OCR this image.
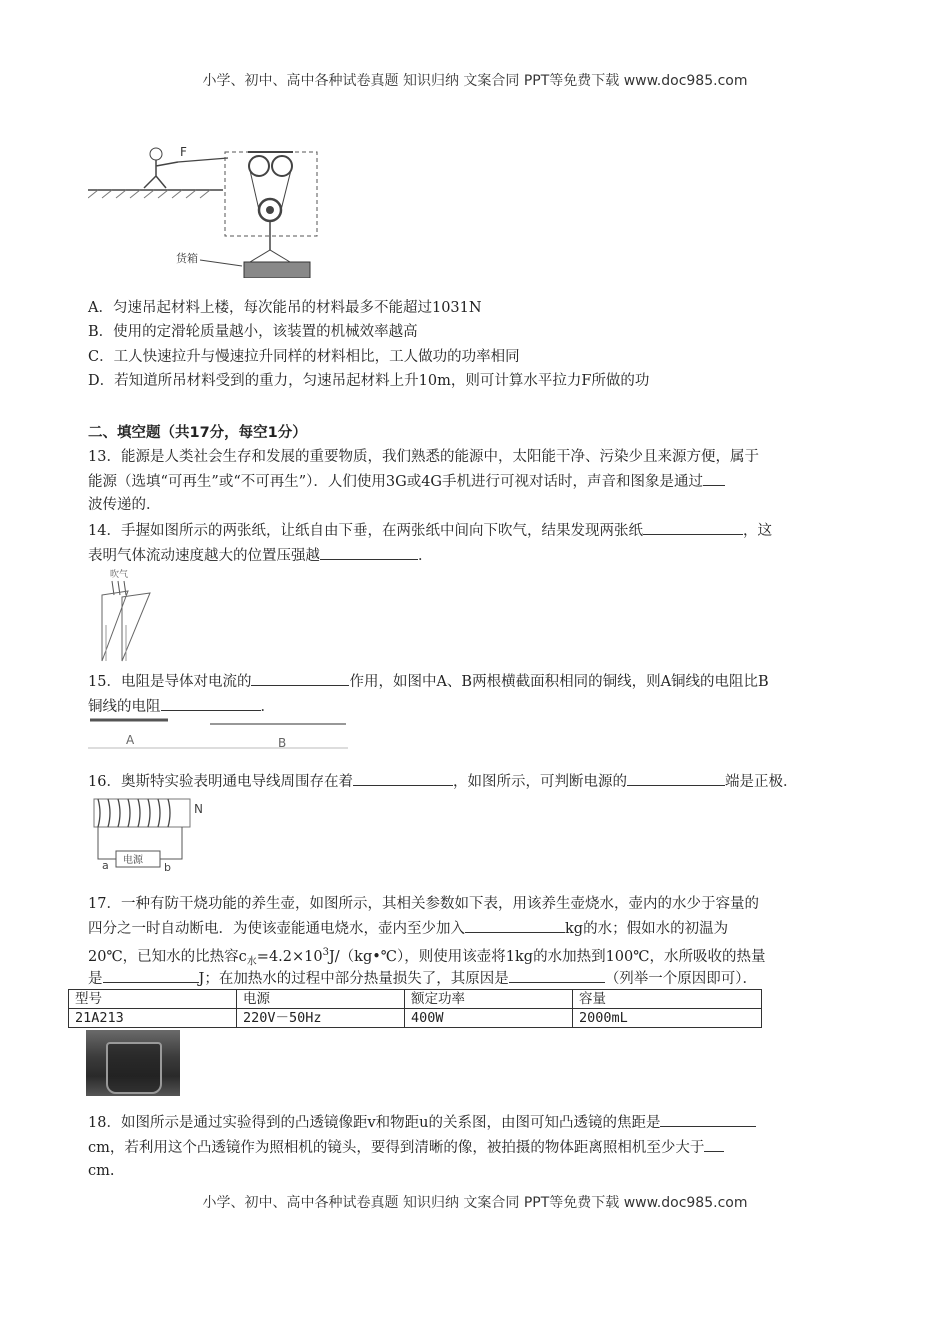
小学、初中、高中各种试卷真题 知识归纳 文案合同 PPT等免费下载 www.doc985.com
F
货箱
A．匀速吊起材料上楼，每次能吊的材料最多不能超过1031N
B．使用的定滑轮质量越小，该装置的机械效率越高
C．工人快速拉升与慢速拉升同样的材料相比，工人做功的功率相同
D．若知道所吊材料受到的重力，匀速吊起材料上升10m，则可计算水平拉力F所做的功
二、填空题（共17分，每空1分）
13．能源是人类社会生存和发展的重要物质，我们熟悉的能源中，太阳能干净、污染少且来源方便，属于
能源（选填“可再生”或“不可再生”）．人们使用3G或4G手机进行可视对话时，声音和图象是通过
波传递的．
14．手握如图所示的两张纸，让纸自由下垂，在两张纸中间向下吹气，结果发现两张纸	，这
表明气体流动速度越大的位置压强越	．
吹气
15．电阻是导体对电流的	作用，如图中A、B两根横截面积相同的铜线，则A铜线的电阻比B
铜线的电阻	．
A	B
16．奥斯特实验表明通电导线周围存在着	，如图所示，可判断电源的	端是正极．
N
电源
a	b
17．一种有防干烧功能的养生壶，如图所示，其相关参数如下表，用该养生壶烧水，壶内的水少于容量的
四分之一时自动断电．为使该壶能通电烧水，壶内至少加入	kg的水；假如水的初温为
20℃，已知水的比热容$c_水=4.2\times 10^3J/(kg•℃)$，则使用该壶将1kg的水加热到100℃，水所吸收的热量
是	J；在加热水的过程中部分热量损失了，其原因是	（列举一个原因即可）．
型号	电源	额定功率	容量
21A213	220V－50Hz	400W	2000mL
18．如图所示是通过实验得到的凸透镜像距v和物距u的关系图，由图可知凸透镜的焦距是
cm，若利用这个凸透镜作为照相机的镜头，要得到清晰的像，被拍摄的物体距离照相机至少大于
cm.
小学、初中、高中各种试卷真题 知识归纳 文案合同 PPT等免费下载 www.doc985.com
